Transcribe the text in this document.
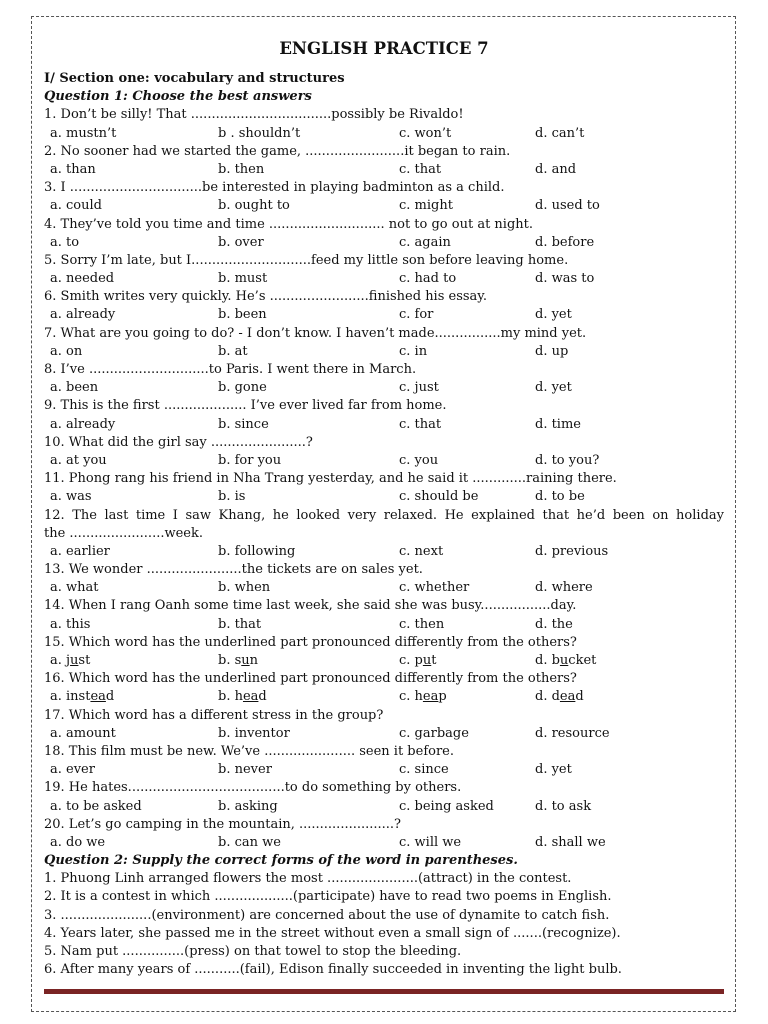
ENGLISH PRACTICE 7
I/ Section one: vocabulary and structures
Question 1: Choose the best answers
1. Don’t be silly! That ..................................possibly be Rivaldo!
a. mustn’t	b . shouldn’t	c. won’t	d. can’t
2. No sooner had we started the game, ........................it began to rain.
a. than	b. then	c. that	d. and
3. I ................................be interested in playing badminton as a child.
a. could	b. ought to	c. might	d. used to
4. They’ve told you time and time ............................ not to go out at night.
a. to	b. over	c. again	d. before
5. Sorry I’m late, but I.............................feed my little son before leaving home.
a. needed	b. must	c. had to	d. was to
6. Smith writes very quickly. He’s ........................finished his essay.
a. already	b. been	c. for	d. yet
7. What are you going to do? - I don’t know. I haven’t made................my mind yet.
a. on	b. at	c. in	d. up
8. I’ve .............................to Paris. I went there in March.
a. been	b. gone	c. just	d. yet
9. This is the first .................... I’ve ever lived far from home.
a. already	b. since	c. that	d. time
10. What did the girl say .......................?
a. at you	b. for you	c. you	d. to you?
11. Phong rang his friend in Nha Trang yesterday, and he said it .............raining there.
a. was	b. is	c. should be	d. to be
12. The last time I saw Khang, he looked very relaxed. He explained that he’d been on holiday
the .......................week.
a. earlier	b. following	c. next	d. previous
13. We wonder .......................the tickets are on sales yet.
a. what	b. when	c. whether	d. where
14. When I rang Oanh some time last week, she said she was busy.................day.
a. this	b. that	c. then	d. the
15. Which word has the underlined part pronounced differently from the others?
a. just	b. sun	c. put	d. bucket
16. Which word has the underlined part pronounced differently from the others?
a. instead	b. head	c. heap	d. dead
17. Which word has a different stress in the group?
a. amount	b. inventor	c. garbage	d. resource
18. This film must be new. We’ve ...................... seen it before.
a. ever	b. never	c. since	d. yet
19. He hates......................................to do something by others.
a. to be asked	b. asking	c. being asked	d. to ask
20. Let’s go camping in the mountain, .......................?
a. do we	b. can we	c. will we	d. shall we
Question 2: Supply the correct forms of the word in parentheses.
1. Phuong Linh arranged flowers the most ......................(attract) in the contest.
2. It is a contest in which ...................(participate) have to read two poems in English.
3. ......................(environment) are concerned about the use of dynamite to catch fish.
4. Years later, she passed me in the street without even a small sign of .......(recognize).
5. Nam put ...............(press) on that towel to stop the bleeding.
6. After many years of ...........(fail), Edison finally succeeded in inventing the light bulb.
